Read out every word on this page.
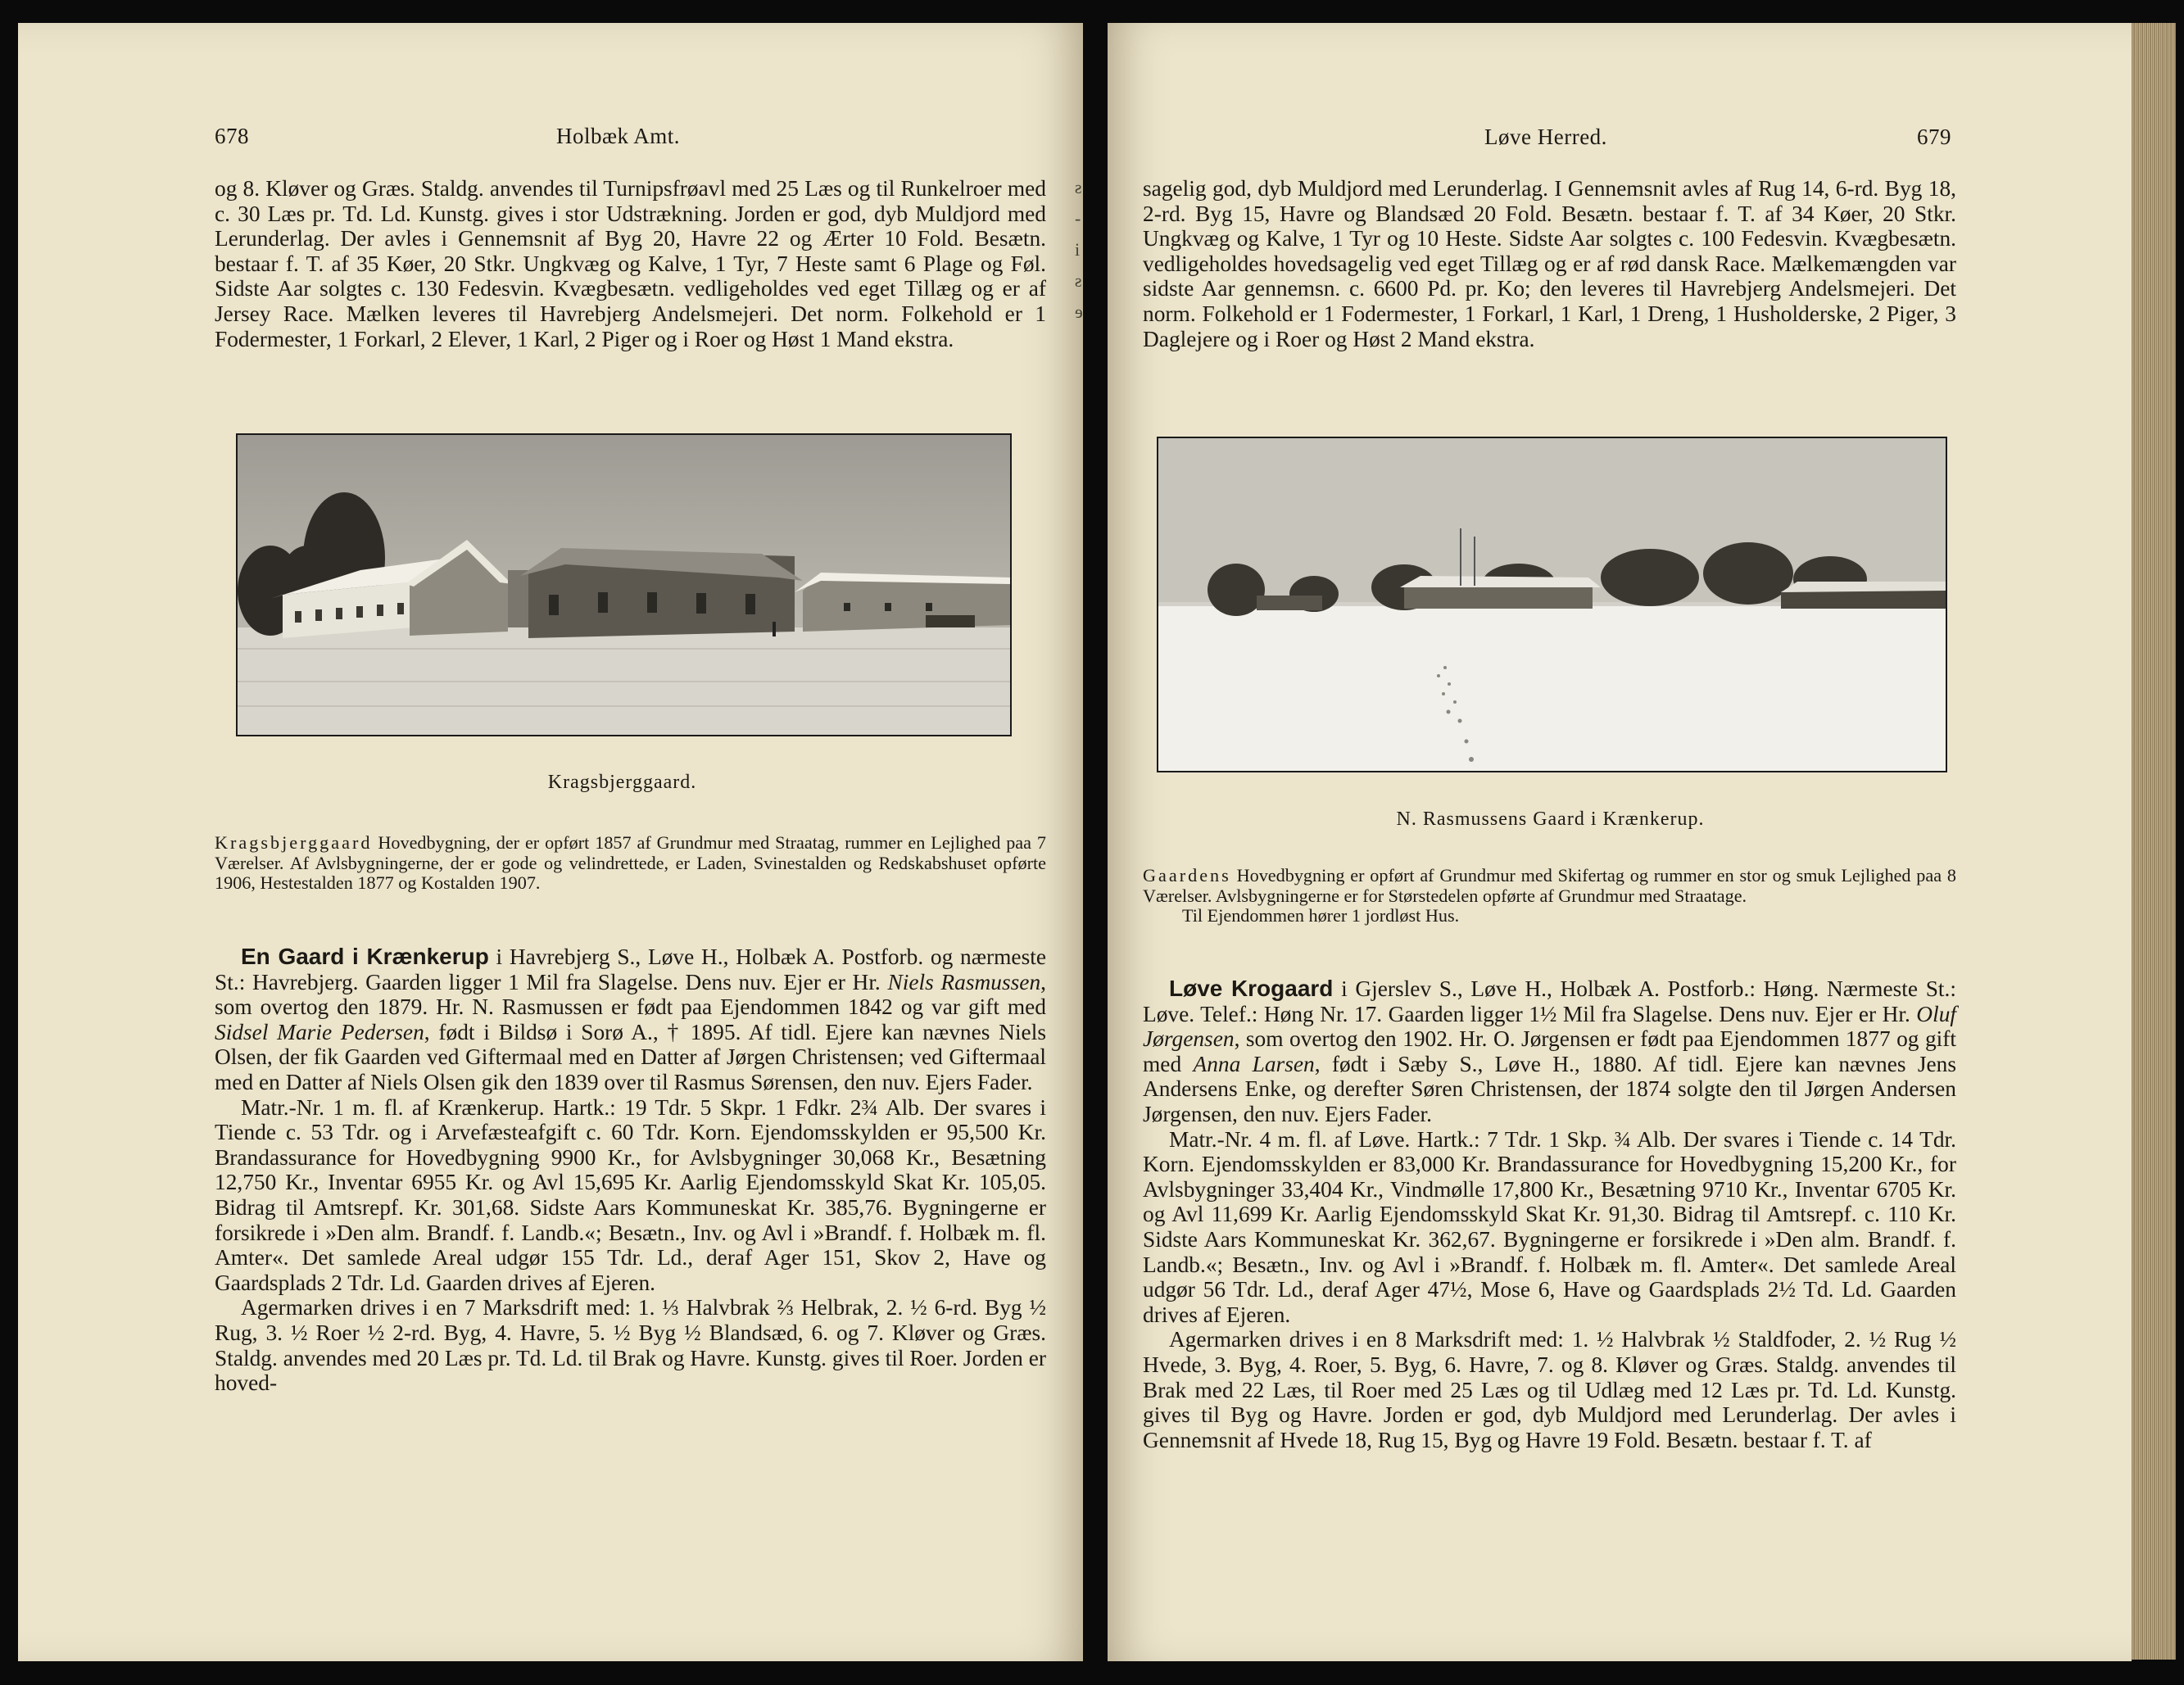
678	Holbæk Amt.

og 8. Kløver og Græs. Staldg. anvendes til Turnipsfrøavl med 25 Læs og til Runkelroer med c. 30 Læs pr. Td. Ld. Kunstg. gives i stor Udstrækning. Jorden er god, dyb Muldjord med Lerunderlag. Der avles i Gennemsnit af Byg 20, Havre 22 og Ærter 10 Fold. Besætn. bestaar f. T. af 35 Køer, 20 Stkr. Ungkvæg og Kalve, 1 Tyr, 7 Heste samt 6 Plage og Føl. Sidste Aar solgtes c. 130 Fedesvin. Kvægbesætn. vedligeholdes ved eget Tillæg og er af Jersey Race. Mælken leveres til Havrebjerg Andelsmejeri. Det norm. Folkehold er 1 Fodermester, 1 Forkarl, 2 Elever, 1 Karl, 2 Piger og i Roer og Høst 1 Mand ekstra.

Kragsbjerggaard.

Kragsbjerggaard Hovedbygning, der er opført 1857 af Grundmur med Straatag, rummer en Lejlighed paa 7 Værelser. Af Avlsbygningerne, der er gode og velindrettede, er Laden, Svinestalden og Redskabshuset opførte 1906, Hestestalden 1877 og Kostalden 1907.

En Gaard i Krænkerup i Havrebjerg S., Løve H., Holbæk A. Postforb. og nærmeste St.: Havrebjerg. Gaarden ligger 1 Mil fra Slagelse. Dens nuv. Ejer er Hr. Niels Rasmussen, som overtog den 1879. Hr. N. Rasmussen er født paa Ejendommen 1842 og var gift med Sidsel Marie Pedersen, født i Bildsø i Sorø A., † 1895. Af tidl. Ejere kan nævnes Niels Olsen, der fik Gaarden ved Giftermaal med en Datter af Jørgen Christensen; ved Giftermaal med en Datter af Niels Olsen gik den 1839 over til Rasmus Sørensen, den nuv. Ejers Fader.

Matr.-Nr. 1 m. fl. af Krænkerup. Hartk.: 19 Tdr. 5 Skpr. 1 Fdkr. 2¾ Alb. Der svares i Tiende c. 53 Tdr. og i Arvefæsteafgift c. 60 Tdr. Korn. Ejendomsskylden er 95,500 Kr. Brandassurance for Hovedbygning 9900 Kr., for Avlsbygninger 30,068 Kr., Besætning 12,750 Kr., Inventar 6955 Kr. og Avl 15,695 Kr. Aarlig Ejendomsskyld Skat Kr. 105,05. Bidrag til Amtsrepf. Kr. 301,68. Sidste Aars Kommuneskat Kr. 385,76. Bygningerne er forsikrede i »Den alm. Brandf. f. Landb.«; Besætn., Inv. og Avl i »Brandf. f. Holbæk m. fl. Amter«. Det samlede Areal udgør 155 Tdr. Ld., deraf Ager 151, Skov 2, Have og Gaardsplads 2 Tdr. Ld. Gaarden drives af Ejeren.

Agermarken drives i en 7 Marksdrift med: 1. ⅓ Halvbrak ⅔ Helbrak, 2. ½ 6-rd. Byg ½ Rug, 3. ½ Roer ½ 2-rd. Byg, 4. Havre, 5. ½ Byg ½ Blandsæd, 6. og 7. Kløver og Græs. Staldg. anvendes med 20 Læs pr. Td. Ld. til Brak og Havre. Kunstg. gives til Roer. Jorden er hoved-

ƨ
-
i
ƨ
ɘ
Løve Herred.	679

sagelig god, dyb Muldjord med Lerunderlag. I Gennemsnit avles af Rug 14, 6-rd. Byg 18, 2-rd. Byg 15, Havre og Blandsæd 20 Fold. Besætn. bestaar f. T. af 34 Køer, 20 Stkr. Ungkvæg og Kalve, 1 Tyr og 10 Heste. Sidste Aar solgtes c. 100 Fedesvin. Kvægbesætn. vedligeholdes hovedsagelig ved eget Tillæg og er af rød dansk Race. Mælkemængden var sidste Aar gennemsn. c. 6600 Pd. pr. Ko; den leveres til Havrebjerg Andelsmejeri. Det norm. Folkehold er 1 Fodermester, 1 Forkarl, 1 Karl, 1 Dreng, 1 Husholderske, 2 Piger, 3 Daglejere og i Roer og Høst 2 Mand ekstra.

N. Rasmussens Gaard i Krænkerup.

Gaardens Hovedbygning er opført af Grundmur med Skifertag og rummer en stor og smuk Lejlighed paa 8 Værelser. Avlsbygningerne er for Størstedelen opførte af Grundmur med Straatage.

Til Ejendommen hører 1 jordløst Hus.

Løve Krogaard i Gjerslev S., Løve H., Holbæk A. Postforb.: Høng. Nærmeste St.: Løve. Telef.: Høng Nr. 17. Gaarden ligger 1½ Mil fra Slagelse. Dens nuv. Ejer er Hr. Oluf Jørgensen, som overtog den 1902. Hr. O. Jørgensen er født paa Ejendommen 1877 og gift med Anna Larsen, født i Sæby S., Løve H., 1880. Af tidl. Ejere kan nævnes Jens Andersens Enke, og derefter Søren Christensen, der 1874 solgte den til Jørgen Andersen Jørgensen, den nuv. Ejers Fader.

Matr.-Nr. 4 m. fl. af Løve. Hartk.: 7 Tdr. 1 Skp. ¾ Alb. Der svares i Tiende c. 14 Tdr. Korn. Ejendomsskylden er 83,000 Kr. Brandassurance for Hovedbygning 15,200 Kr., for Avlsbygninger 33,404 Kr., Vindmølle 17,800 Kr., Besætning 9710 Kr., Inventar 6705 Kr. og Avl 11,699 Kr. Aarlig Ejendomsskyld Skat Kr. 91,30. Bidrag til Amtsrepf. c. 110 Kr. Sidste Aars Kommuneskat Kr. 362,67. Bygningerne er forsikrede i »Den alm. Brandf. f. Landb.«; Besætn., Inv. og Avl i »Brandf. f. Holbæk m. fl. Amter«. Det samlede Areal udgør 56 Tdr. Ld., deraf Ager 47½, Mose 6, Have og Gaardsplads 2½ Td. Ld. Gaarden drives af Ejeren.

Agermarken drives i en 8 Marksdrift med: 1. ½ Halvbrak ½ Staldfoder, 2. ½ Rug ½ Hvede, 3. Byg, 4. Roer, 5. Byg, 6. Havre, 7. og 8. Kløver og Græs. Staldg. anvendes til Brak med 22 Læs, til Roer med 25 Læs og til Udlæg med 12 Læs pr. Td. Ld. Kunstg. gives til Byg og Havre. Jorden er god, dyb Muldjord med Lerunderlag. Der avles i Gennemsnit af Hvede 18, Rug 15, Byg og Havre 19 Fold. Besætn. bestaar f. T. af
